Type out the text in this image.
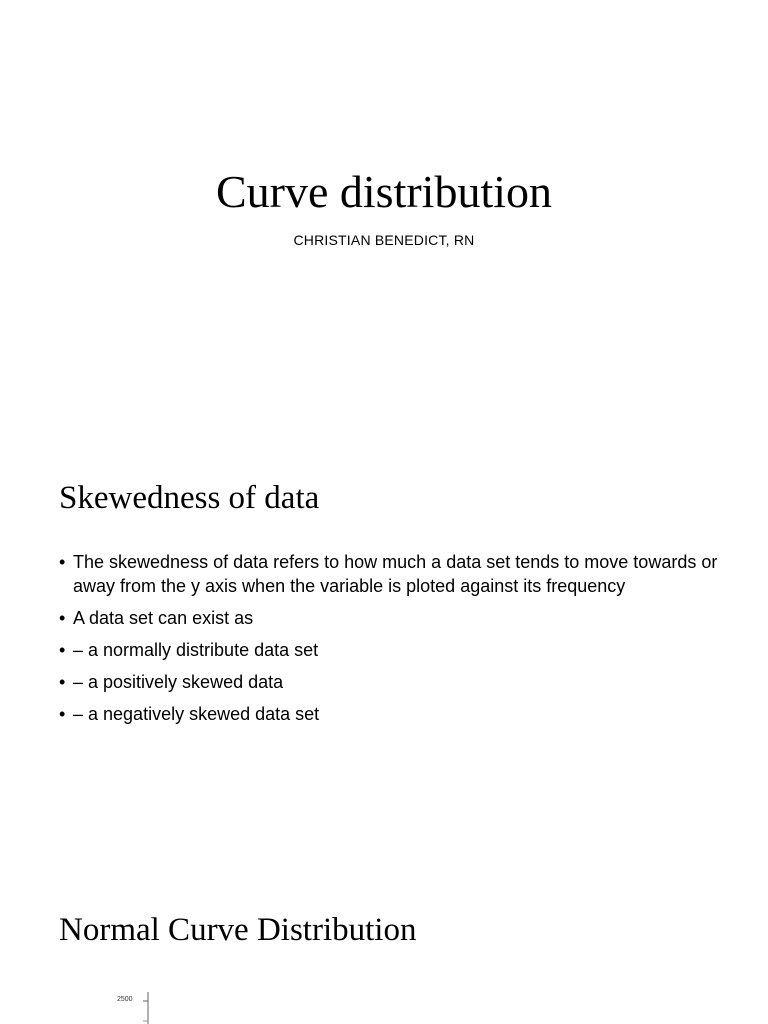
Curve distribution
CHRISTIAN BENEDICT, RN
Skewedness of data
• The skewedness of data refers to how much a data set tends to move towards or away from the y axis when the variable is ploted against its frequency
• A data set can exist as
• – a normally distribute data set
• – a positively skewed data
• – a negatively skewed data set
Normal Curve Distribution
2500
